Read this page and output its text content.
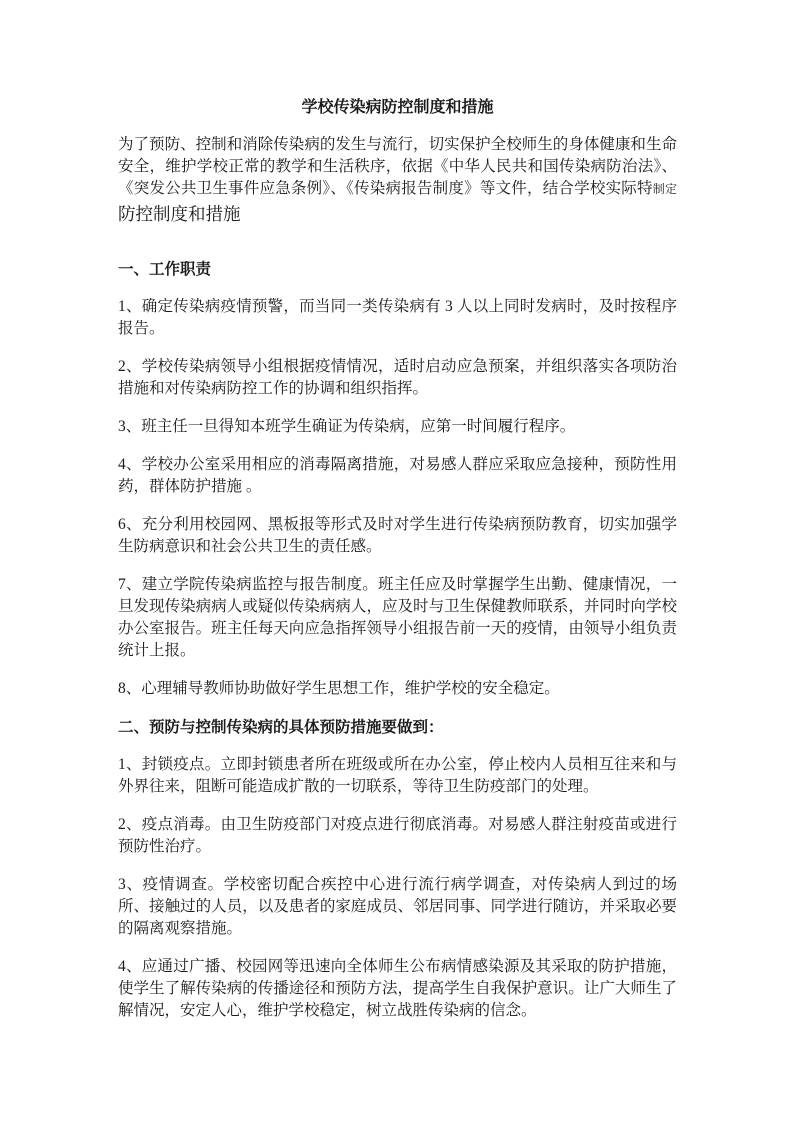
学校传染病防控制度和措施

为了预防、控制和消除传染病的发生与流行，切实保护全校师生的身体健康和生命安全，维护学校正常的教学和生活秩序，依据《中华人民共和国传染病防治法》、《突发公共卫生事件应急条例》、《传染病报告制度》等文件，结合学校实际特制定防控制度和措施

一、工作职责

1、确定传染病疫情预警，而当同一类传染病有 3 人以上同时发病时，及时按程序报告。

2、学校传染病领导小组根据疫情情况，适时启动应急预案，并组织落实各项防治措施和对传染病防控工作的协调和组织指挥。

3、班主任一旦得知本班学生确证为传染病，应第一时间履行程序。

4、学校办公室采用相应的消毒隔离措施，对易感人群应采取应急接种，预防性用药，群体防护措施 。

6、充分利用校园网、黑板报等形式及时对学生进行传染病预防教育，切实加强学生防病意识和社会公共卫生的责任感。

7、建立学院传染病监控与报告制度。班主任应及时掌握学生出勤、健康情况，一旦发现传染病病人或疑似传染病病人，应及时与卫生保健教师联系，并同时向学校办公室报告。班主任每天向应急指挥领导小组报告前一天的疫情，由领导小组负责统计上报。

8、心理辅导教师协助做好学生思想工作，维护学校的安全稳定。

二、预防与控制传染病的具体预防措施要做到：

1、封锁疫点。立即封锁患者所在班级或所在办公室，停止校内人员相互往来和与外界往来，阻断可能造成扩散的一切联系，等待卫生防疫部门的处理。

2、疫点消毒。由卫生防疫部门对疫点进行彻底消毒。对易感人群注射疫苗或进行预防性治疗。

3、疫情调查。学校密切配合疾控中心进行流行病学调查，对传染病人到过的场所、接触过的人员，以及患者的家庭成员、邻居同事、同学进行随访，并采取必要的隔离观察措施。

4、应通过广播、校园网等迅速向全体师生公布病情感染源及其采取的防护措施，使学生了解传染病的传播途径和预防方法，提高学生自我保护意识。让广大师生了解情况，安定人心，维护学校稳定，树立战胜传染病的信念。
